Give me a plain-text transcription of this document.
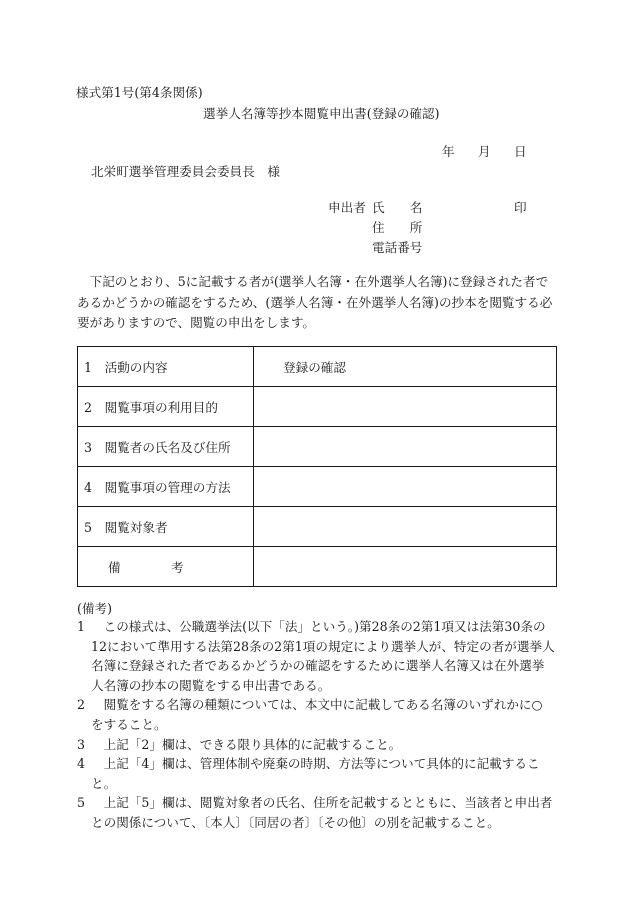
様式第1号(第4条関係)
選挙人名簿等抄本閲覧申出書(登録の確認)
年 月 日
北栄町選挙管理委員会委員長　様
申出者 氏　　名	印
住　　所
電話番号
下記のとおり、5に記載する者が(選挙人名簿・在外選挙人名簿)に登録された者であるかどうかの確認をするため、(選挙人名簿・在外選挙人名簿)の抄本を閲覧する必要がありますので、閲覧の申出をします。
1　活動の内容	登録の確認
2　閲覧事項の利用目的	
3　閲覧者の氏名及び住所	
4　閲覧事項の管理の方法	
5　閲覧対象者	
備　　　　考	
(備考)
1 　この様式は、公職選挙法(以下「法」という。)第28条の2第1項又は法第30条の12において準用する法第28条の2第1項の規定により選挙人が、特定の者が選挙人名簿に登録された者であるかどうかの確認をするために選挙人名簿又は在外選挙人名簿の抄本の閲覧をする申出書である。
2 　閲覧をする名簿の種類については、本文中に記載してある名簿のいずれかに○をすること。
3 　上記「2」欄は、できる限り具体的に記載すること。
4 　上記「4」欄は、管理体制や廃棄の時期、方法等について具体的に記載すること。
5 　上記「5」欄は、閲覧対象者の氏名、住所を記載するとともに、当該者と申出者との関係について、〔本人〕〔同居の者〕〔その他〕の別を記載すること。
